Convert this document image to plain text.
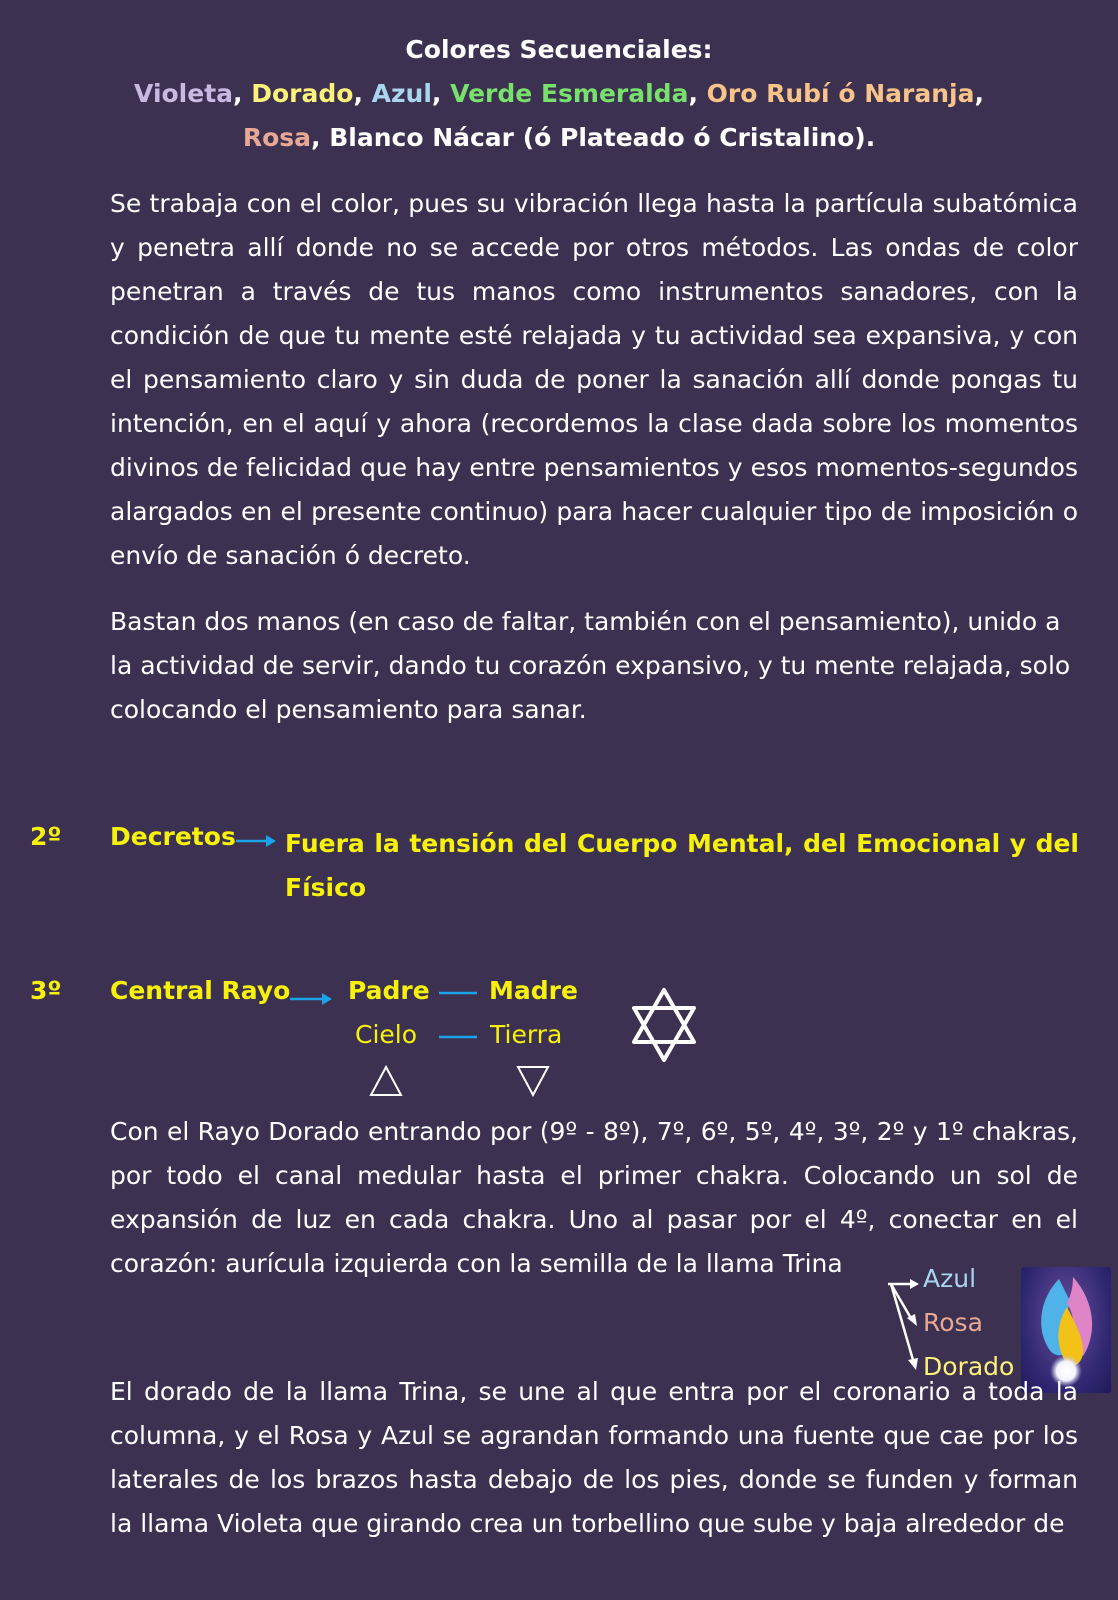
Colores Secuenciales:
Violeta, Dorado, Azul, Verde Esmeralda, Oro Rubí ó Naranja,
Rosa, Blanco Nácar (ó Plateado ó Cristalino).
Se trabaja con el color, pues su vibración llega hasta la partícula subatómica y penetra allí donde no se accede por otros métodos. Las ondas de color penetran a través de tus manos como instrumentos sanadores, con la condición de que tu mente esté relajada y tu actividad sea expansiva, y con el pensamiento claro y sin duda de poner la sanación allí donde pongas tu intención, en el aquí y ahora (recordemos la clase dada sobre los momentos divinos de felicidad que hay entre pensamientos y esos momentos-segundos alargados en el presente continuo) para hacer cualquier tipo de imposición o envío de sanación ó decreto.
Bastan dos manos (en caso de faltar, también con el pensamiento), unido a la actividad de servir, dando tu corazón expansivo, y tu mente relajada, solo colocando el pensamiento para sanar.
2º Decretos Fuera la tensión del Cuerpo Mental, del Emocional y del Físico
3º Central Rayo Padre Madre
Cielo	Tierra
Con el Rayo Dorado entrando por (9º - 8º), 7º, 6º, 5º, 4º, 3º, 2º y 1º chakras, por todo el canal medular hasta el primer chakra. Colocando un sol de expansión de luz en cada chakra. Uno al pasar por el 4º, conectar en el corazón: aurícula izquierda con la semilla de la llama Trina
Azul
Rosa
Dorado
El dorado de la llama Trina, se une al que entra por el coronario a toda la columna, y el Rosa y Azul se agrandan formando una fuente que cae por los laterales de los brazos hasta debajo de los pies, donde se funden y forman la llama Violeta que girando crea un torbellino que sube y baja alrededor de
